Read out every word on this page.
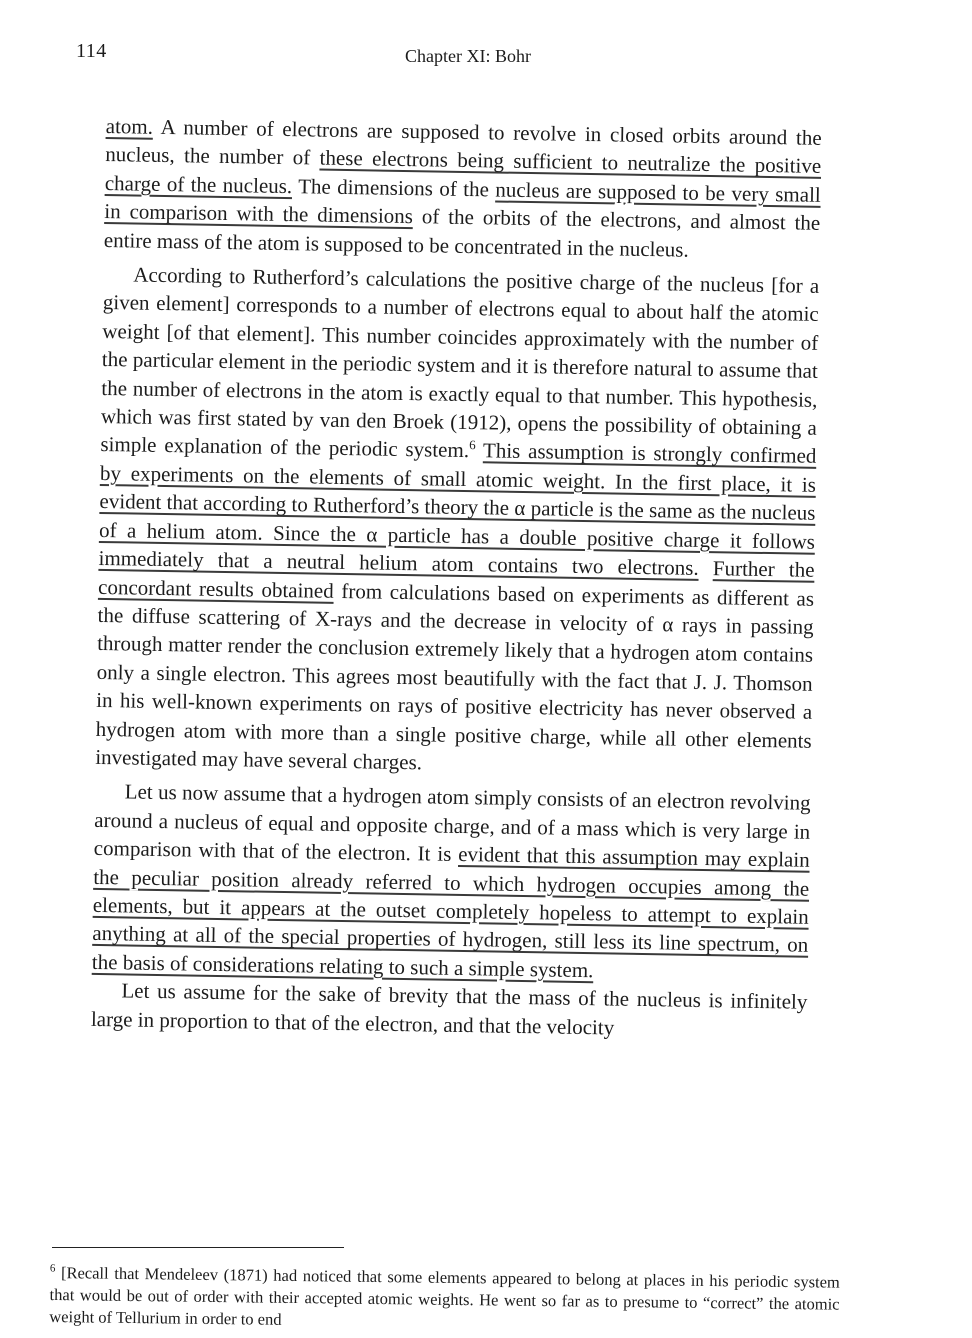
114	Chapter XI: Bohr

atom. A number of electrons are supposed to revolve in closed orbits around the nucleus, the number of these electrons being sufficient to neutralize the positive charge of the nucleus. The dimensions of the nucleus are supposed to be very small in comparison with the dimensions of the orbits of the electrons, and almost the entire mass of the atom is supposed to be concentrated in the nucleus.

According to Rutherford’s calculations the positive charge of the nucleus [for a given element] corresponds to a number of electrons equal to about half the atomic weight [of that element]. This number coincides approximately with the number of the particular element in the periodic system and it is therefore natural to assume that the number of electrons in the atom is exactly equal to that number. This hypothesis, which was first stated by van den Broek (1912), opens the possibility of obtaining a simple explanation of the periodic system.$^6$ This assumption is strongly confirmed by experiments on the elements of small atomic weight. In the first place, it is evident that according to Rutherford’s theory the α particle is the same as the nucleus of a helium atom. Since the α particle has a double positive charge it follows immediately that a neutral helium atom contains two electrons. Further the concordant results obtained from calculations based on experiments as different as the diffuse scattering of X-rays and the decrease in velocity of α rays in passing through matter render the conclusion extremely likely that a hydrogen atom contains only a single electron. This agrees most beautifully with the fact that J. J. Thomson in his well-known experiments on rays of positive electricity has never observed a hydrogen atom with more than a single positive charge, while all other elements investigated may have several charges.

Let us now assume that a hydrogen atom simply consists of an electron revolving around a nucleus of equal and opposite charge, and of a mass which is very large in comparison with that of the electron. It is evident that this assumption may explain the peculiar position already referred to which hydrogen occupies among the elements, but it appears at the outset completely hopeless to attempt to explain anything at all of the special properties of hydrogen, still less its line spectrum, on the basis of considerations relating to such a simple system.

Let us assume for the sake of brevity that the mass of the nucleus is infinitely large in proportion to that of the electron, and that the velocity

$^6$ [Recall that Mendeleev (1871) had noticed that some elements appeared to belong at places in his periodic system that would be out of order with their accepted atomic weights. He went so far as to presume to “correct” the atomic weight of Tellurium in order to end
